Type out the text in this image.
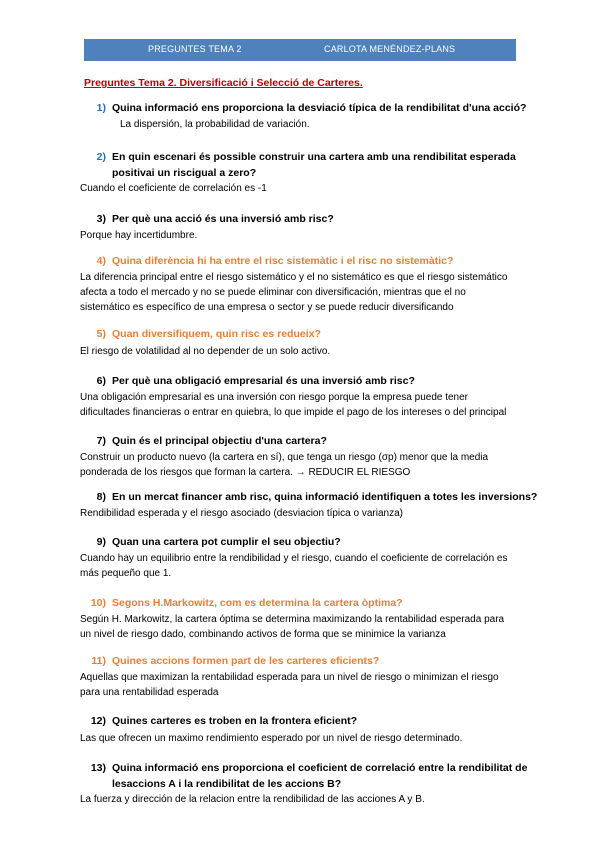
PREGUNTES TEMA 2	CARLOTA MENÉNDEZ-PLANS
Preguntes Tema 2. Diversificació i Selecció de Carteres.
1) Quina informació ens proporciona la desviació típica de la rendibilitat d'una acció?
La dispersión, la probabilidad de variación.
2) En quin escenari és possible construir una cartera amb una rendibilitat esperada
positivai un riscigual a zero?
Cuando el coeficiente de correlación es -1
3) Per què una acció és una inversió amb risc?
Porque hay incertidumbre.
4) Quina diferència hi ha entre el risc sistemàtic i el risc no sistemàtic?
La diferencia principal entre el riesgo sistemático y el no sistemático es que el riesgo sistemático
afecta a todo el mercado y no se puede eliminar con diversificación, mientras que el no
sistemático es específico de una empresa o sector y se puede reducir diversificando
5) Quan diversifiquem, quin risc es redueix?
El riesgo de volatilidad al no depender de un solo activo.
6) Per què una obligació empresarial és una inversió amb risc?
Una obligación empresarial es una inversión con riesgo porque la empresa puede tener
dificultades financieras o entrar en quiebra, lo que impide el pago de los intereses o del principal
7) Quin és el principal objectiu d'una cartera?
Construir un producto nuevo (la cartera en sí), que tenga un riesgo (σp) menor que la media
ponderada de los riesgos que forman la cartera. → REDUCIR EL RIESGO
8) En un mercat financer amb risc, quina informació identifiquen a totes les inversions?
Rendibilidad esperada y el riesgo asociado (desviacion típica o varianza)
9) Quan una cartera pot cumplir el seu objectiu?
Cuando hay un equilibrio entre la rendibilidad y el riesgo, cuando el coeficiente de correlación es
más pequeño que 1.
10) Segons H.Markowitz, com es determina la cartera òptima?
Según H. Markowitz, la cartera óptima se determina maximizando la rentabilidad esperada para
un nivel de riesgo dado, combinando activos de forma que se minimice la varianza
11) Quines accions formen part de les carteres eficients?
Aquellas que maximizan la rentabilidad esperada para un nivel de riesgo o minimizan el riesgo
para una rentabilidad esperada
12) Quines carteres es troben en la frontera eficient?
Las que ofrecen un maximo rendimiento esperado por un nivel de riesgo determinado.
13) Quina informació ens proporciona el coeficient de correlació entre la rendibilitat de
lesaccions A i la rendibilitat de les accions B?
La fuerza y dirección de la relacion entre la rendibilidad de las acciones A y B.
